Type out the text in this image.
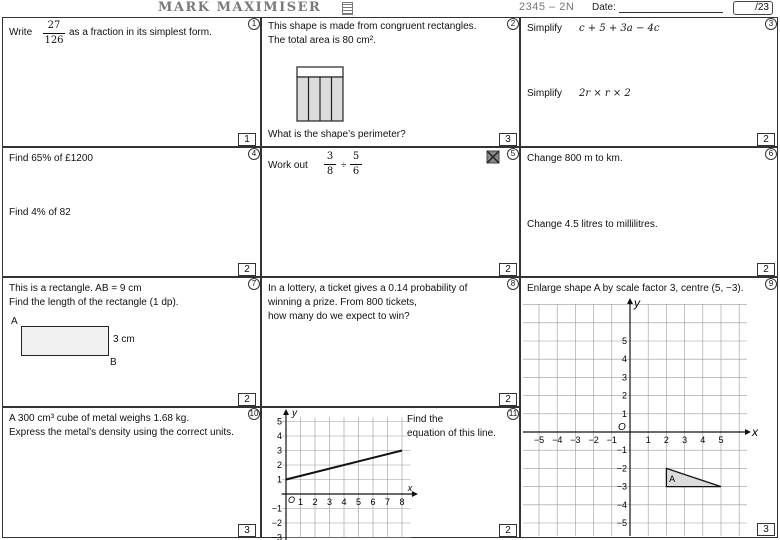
MARK MAXIMISER	2345 – 2N Date:	/23
Write
27
126
as a fraction in its simplest form.
1
1
This shape is made from congruent rectangles.
The total area is 80 cm².
What is the shape’s perimeter?
2
3
Simplify c + 5 + 3a − 4c
Simplify 2r × r × 2
3
2
Find 65% of £1200
Find 4% of 82
4
2
Work out
3
8
÷
5
6
5
2
Change 800 m to km.
Change 4.5 litres to millilitres.
6
2
This is a rectangle. AB = 9 cm
Find the length of the rectangle (1 dp).
A
3 cm
B
7
2
In a lottery, a ticket gives a 0.14 probability of
winning a prize. From 800 tickets,
how many do we expect to win?
8
2
Enlarge shape A by scale factor 3, centre (5, −3).
x
y
O
−5 −4 −3 −2 −1	1 2 3 4 5
5
4
3
2
1
−1
−2
−3
−4
−5
A
9
3
A 300 cm³ cube of metal weighs 1.68 kg.
Express the metal’s density using the correct units.
10
3
y
x
O 1 2 3 4 5 6 7 8
5
4
3
2
1
−1
−2
−3
Find the
equation of this line.
11
2
